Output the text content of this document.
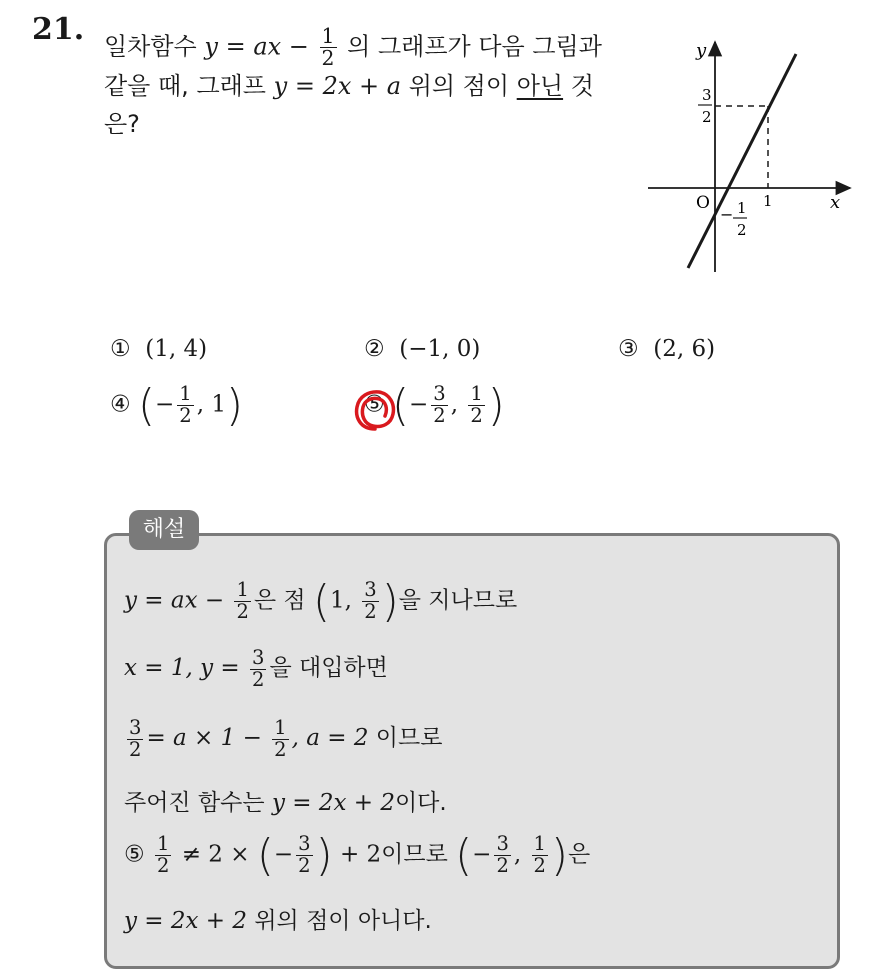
21. 일차함수 y = ax − $\frac{1}{2}$ 의 그래프가 다음 그림과
같을 때, 그래프 y = 2x + a 위의 점이 아닌 것
은?
y
x
O	1
3
2
− 1
2
① (1, 4)	② (−1, 0)	③ (2, 6)
④ (− $\frac{1}{2}$ , 1)	⑤ (− $\frac{3}{2}$ , $\frac{1}{2}$ )
해설
y = ax − $\frac{1}{2}$ 은 점 (1, $\frac{3}{2}$ )을 지나므로
x = 1, $y = \frac{3}{2}$ 을 대입하면
$\frac{3}{2} = a \times 1 - \frac{1}{2}$ , a = 2 이므로
주어진 함수는 y = 2x + 2이다.
⑤ $\frac{1}{2} \ne 2$ × (− $\frac{3}{2}$ ) + 2이므로 (− $\frac{3}{2}$ , $\frac{1}{2}$ )은
y = 2x + 2 위의 점이 아니다.
